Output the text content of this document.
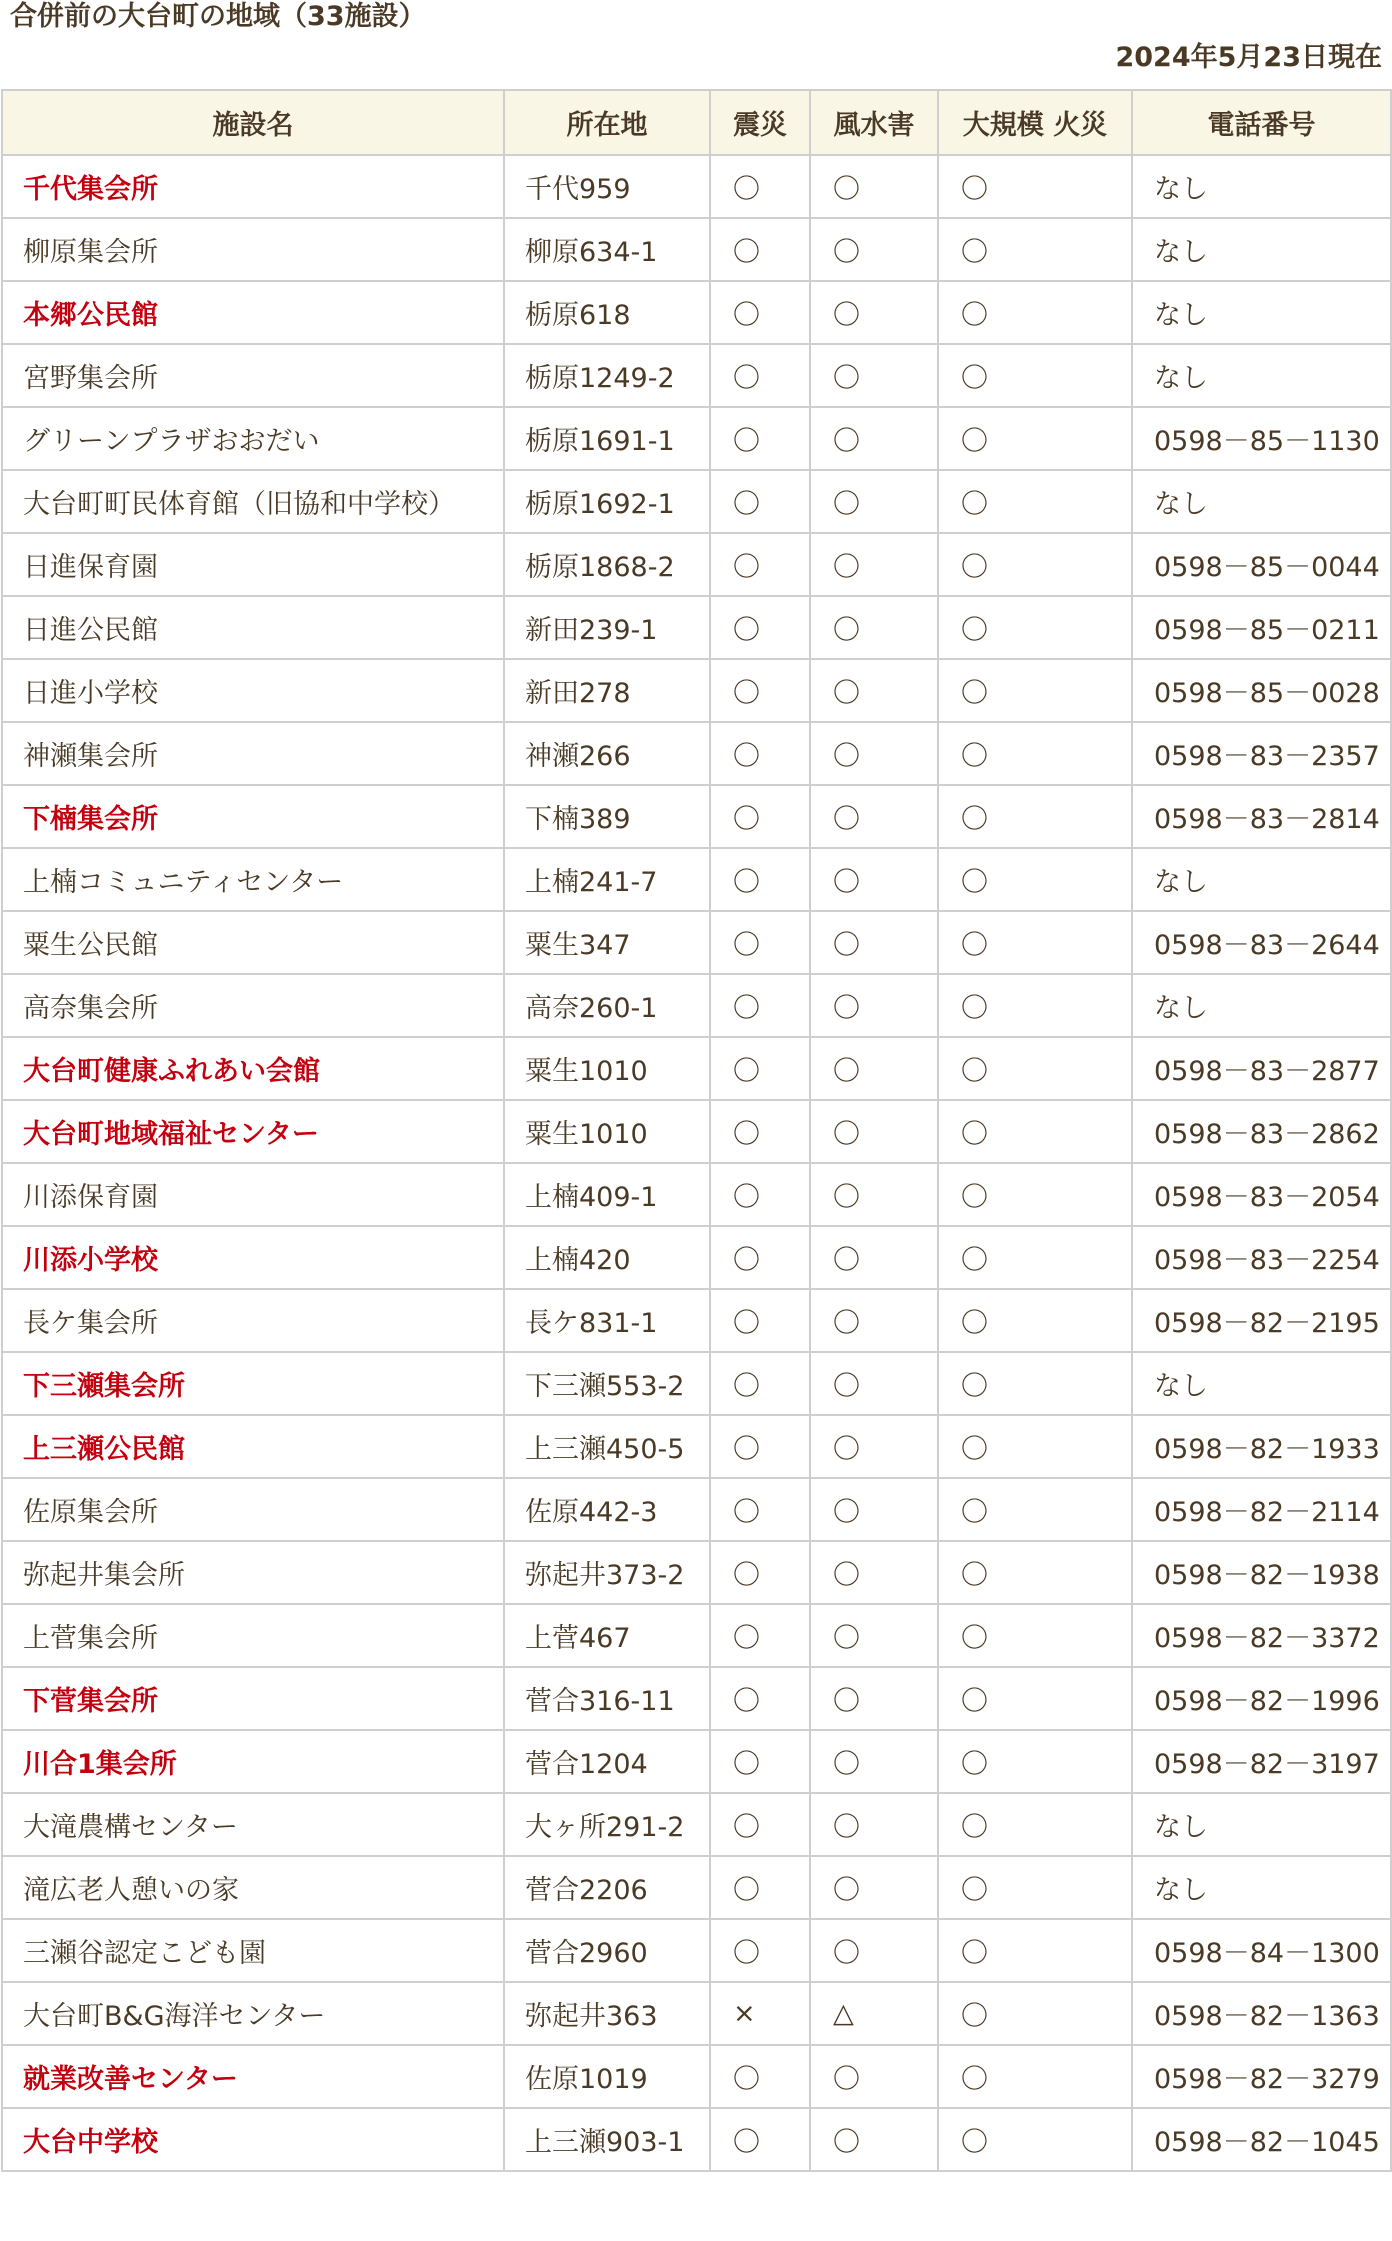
合併前の大台町の地域（33施設）
2024年5月23日現在
施設名	所在地	震災	風水害	大規模 火災	電話番号
千代集会所	千代959	〇	〇	〇	なし
柳原集会所	柳原634-1	〇	〇	〇	なし
本郷公民館	栃原618	〇	〇	〇	なし
宮野集会所	栃原1249-2	〇	〇	〇	なし
グリーンプラザおおだい	栃原1691-1	〇	〇	〇	0598－85－1130
大台町町民体育館（旧協和中学校）	栃原1692-1	〇	〇	〇	なし
日進保育園	栃原1868-2	〇	〇	〇	0598－85－0044
日進公民館	新田239-1	〇	〇	〇	0598－85－0211
日進小学校	新田278	〇	〇	〇	0598－85－0028
神瀬集会所	神瀬266	〇	〇	〇	0598－83－2357
下楠集会所	下楠389	〇	〇	〇	0598－83－2814
上楠コミュニティセンター	上楠241-7	〇	〇	〇	なし
粟生公民館	粟生347	〇	〇	〇	0598－83－2644
高奈集会所	高奈260-1	〇	〇	〇	なし
大台町健康ふれあい会館	粟生1010	〇	〇	〇	0598－83－2877
大台町地域福祉センター	粟生1010	〇	〇	〇	0598－83－2862
川添保育園	上楠409-1	〇	〇	〇	0598－83－2054
川添小学校	上楠420	〇	〇	〇	0598－83－2254
長ケ集会所	長ケ831-1	〇	〇	〇	0598－82－2195
下三瀬集会所	下三瀬553-2	〇	〇	〇	なし
上三瀬公民館	上三瀬450-5	〇	〇	〇	0598－82－1933
佐原集会所	佐原442-3	〇	〇	〇	0598－82－2114
弥起井集会所	弥起井373-2	〇	〇	〇	0598－82－1938
上菅集会所	上菅467	〇	〇	〇	0598－82－3372
下菅集会所	菅合316-11	〇	〇	〇	0598－82－1996
川合1集会所	菅合1204	〇	〇	〇	0598－82－3197
大滝農構センター	大ヶ所291-2	〇	〇	〇	なし
滝広老人憩いの家	菅合2206	〇	〇	〇	なし
三瀬谷認定こども園	菅合2960	〇	〇	〇	0598－84－1300
大台町B&G海洋センター	弥起井363	×	△	〇	0598－82－1363
就業改善センター	佐原1019	〇	〇	〇	0598－82－3279
大台中学校	上三瀬903-1	〇	〇	〇	0598－82－1045
